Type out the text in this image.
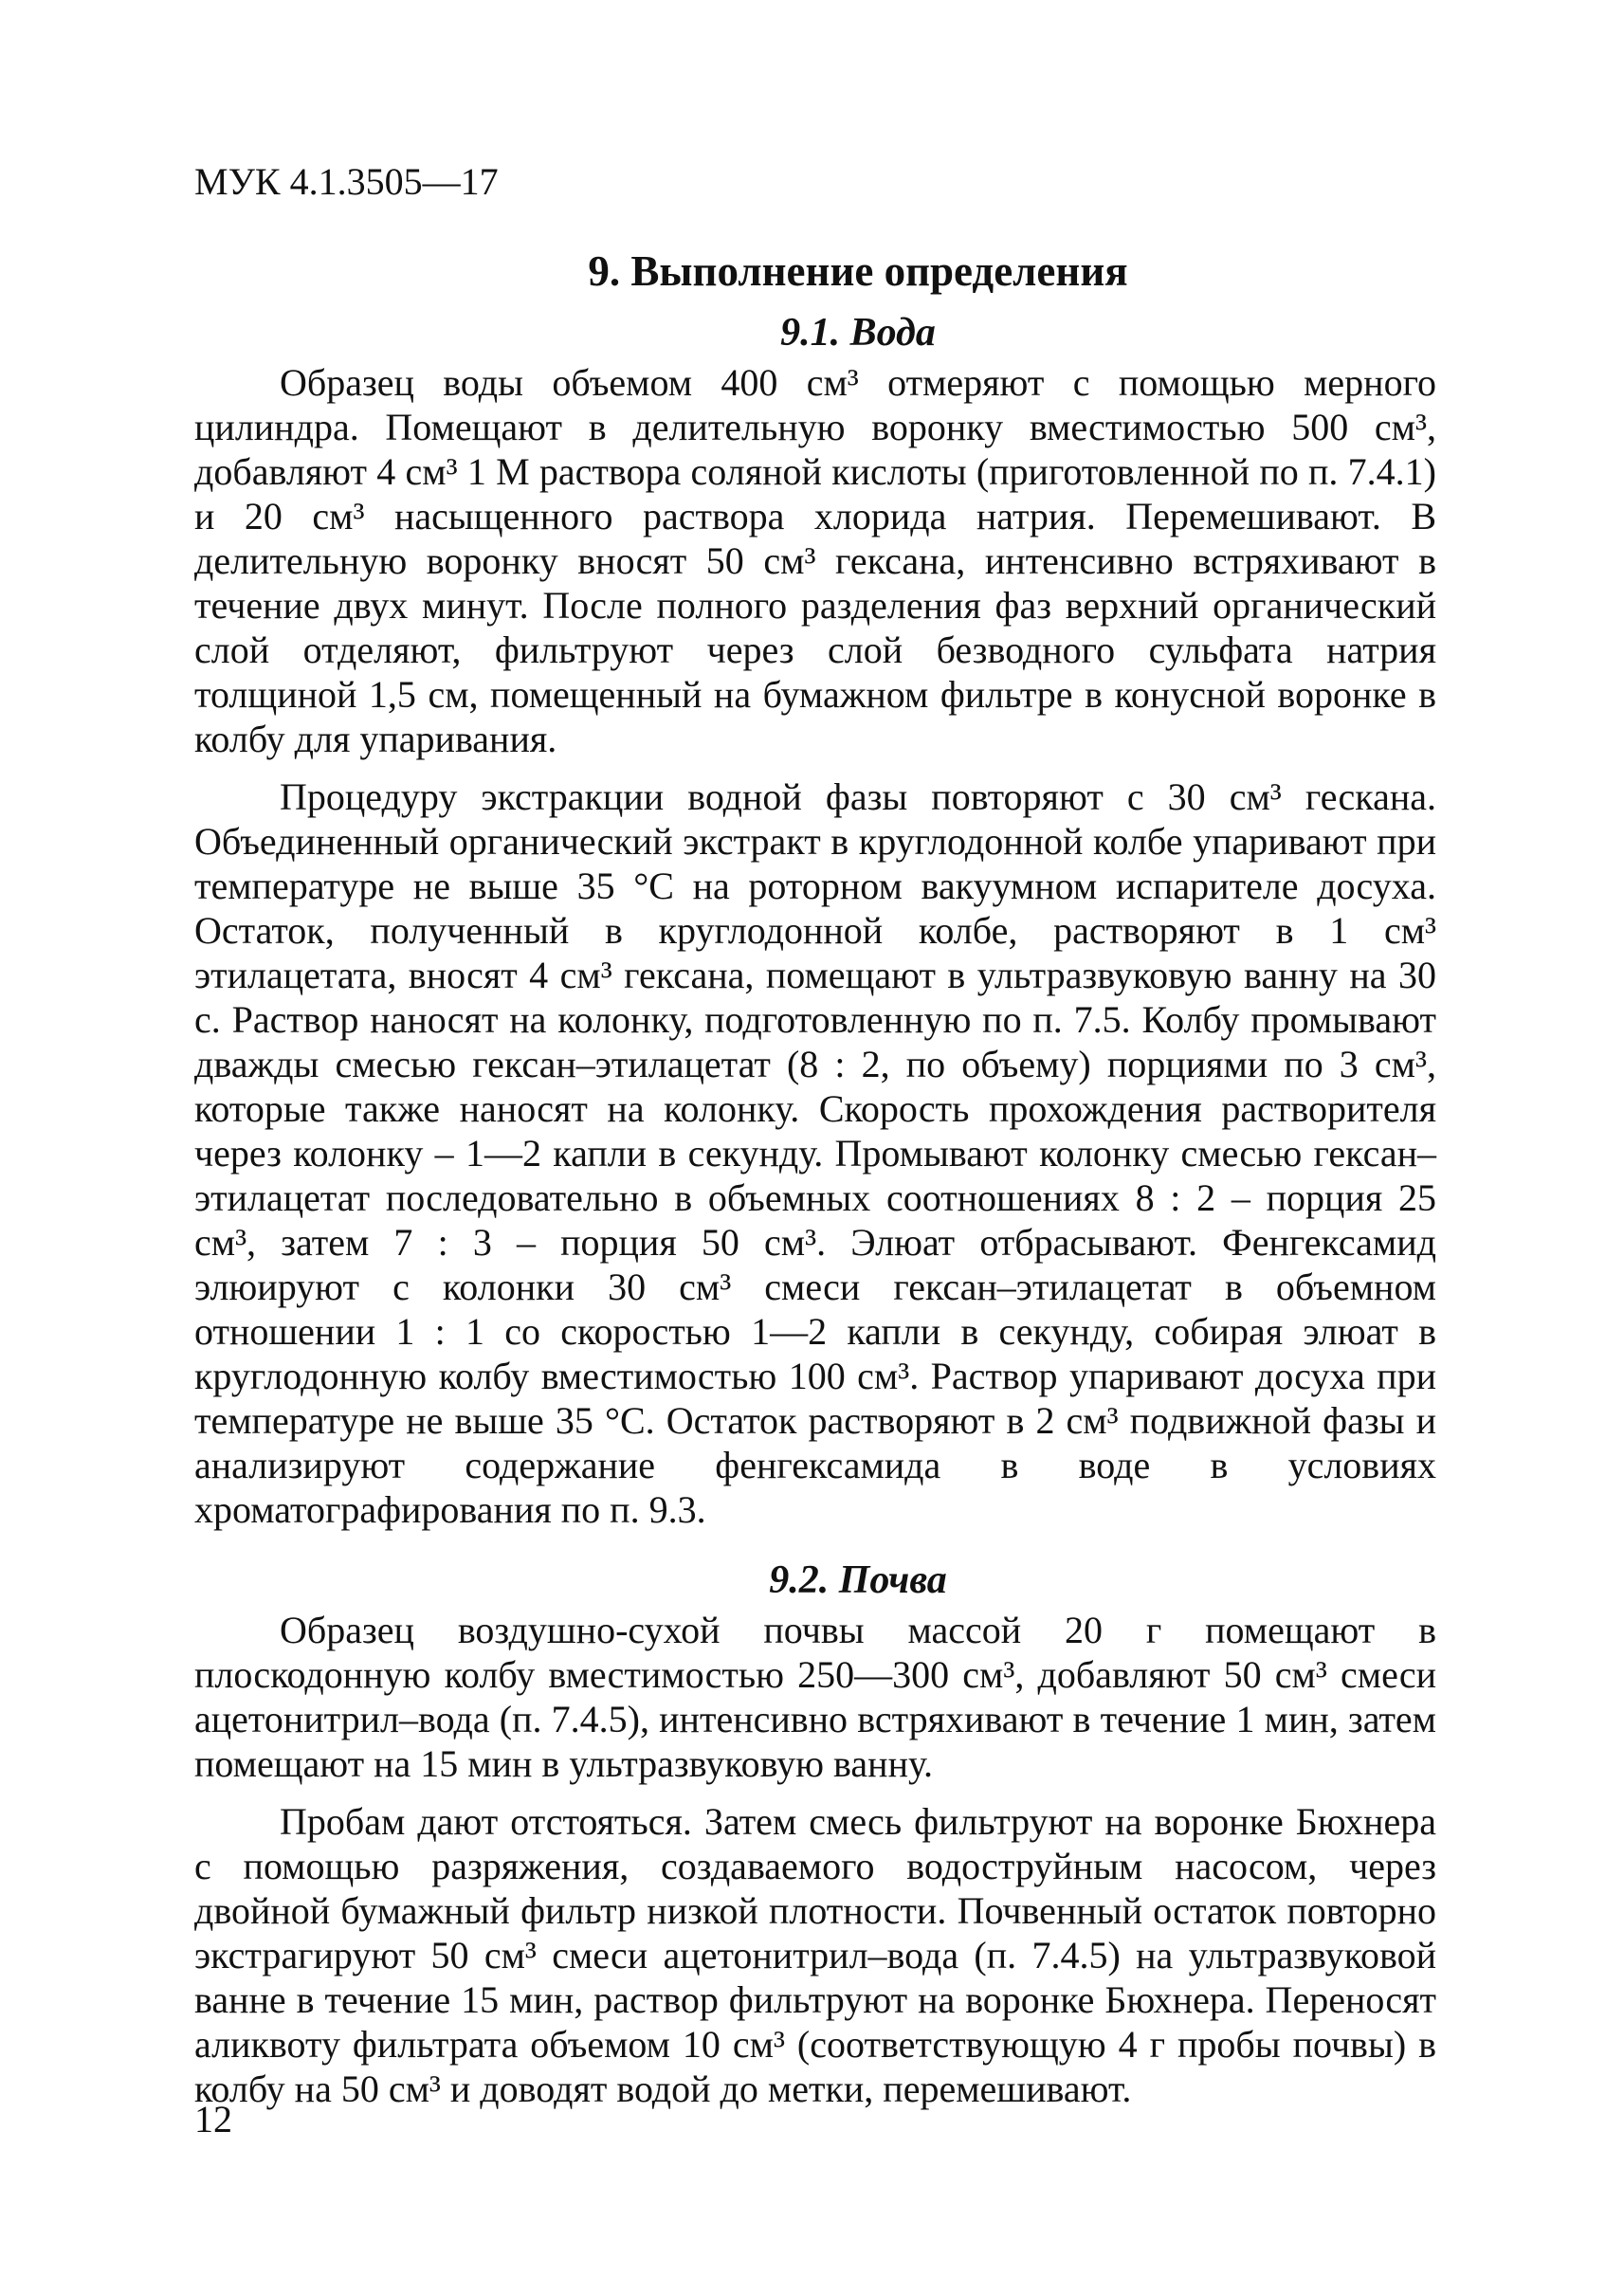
МУК 4.1.3505—17
9. Выполнение определения
9.1. Вода

Образец воды объемом 400 см³ отмеряют с помощью мерного цилиндра. Помещают в делительную воронку вместимостью 500 см³, добавляют 4 см³ 1 М раствора соляной кислоты (приготовленной по п. 7.4.1) и 20 см³ насыщенного раствора хлорида натрия. Перемешивают. В делительную воронку вносят 50 см³ гексана, интенсивно встряхивают в течение двух минут. После полного разделения фаз верхний органический слой отделяют, фильтруют через слой безводного сульфата натрия толщиной 1,5 см, помещенный на бумажном фильтре в конусной воронке в колбу для упаривания.

Процедуру экстракции водной фазы повторяют с 30 см³ гескана. Объединенный органический экстракт в круглодонной колбе упаривают при температуре не выше 35 °С на роторном вакуумном испарителе досуха. Остаток, полученный в круглодонной колбе, растворяют в 1 см³ этилацетата, вносят 4 см³ гексана, помещают в ультразвуковую ванну на 30 с. Раствор наносят на колонку, подготовленную по п. 7.5. Колбу промывают дважды смесью гексан–этилацетат (8 : 2, по объему) порциями по 3 см³, которые также наносят на колонку. Скорость прохождения растворителя через колонку – 1—2 капли в секунду. Промывают колонку смесью гексан–этилацетат последовательно в объемных соотношениях 8 : 2 – порция 25 см³, затем 7 : 3 – порция 50 см³. Элюат отбрасывают. Фенгексамид элюируют с колонки 30 см³ смеси гексан–этилацетат в объемном отношении 1 : 1 со скоростью 1—2 капли в секунду, собирая элюат в круглодонную колбу вместимостью 100 см³. Раствор упаривают досуха при температуре не выше 35 °С. Остаток растворяют в 2 см³ подвижной фазы и анализируют содержание фенгексамида в воде в условиях хроматографирования по п. 9.3.

9.2. Почва

Образец воздушно-сухой почвы массой 20 г помещают в плоскодонную колбу вместимостью 250—300 см³, добавляют 50 см³ смеси ацетонитрил–вода (п. 7.4.5), интенсивно встряхивают в течение 1 мин, затем помещают на 15 мин в ультразвуковую ванну.

Пробам дают отстояться. Затем смесь фильтруют на воронке Бюхнера с помощью разряжения, создаваемого водоструйным насосом, через двойной бумажный фильтр низкой плотности. Почвенный остаток повторно экстрагируют 50 см³ смеси ацетонитрил–вода (п. 7.4.5) на ультразвуковой ванне в течение 15 мин, раствор фильтруют на воронке Бюхнера. Переносят аликвоту фильтрата объемом 10 см³ (соответствующую 4 г пробы почвы) в колбу на 50 см³ и доводят водой до метки, перемешивают.

12
